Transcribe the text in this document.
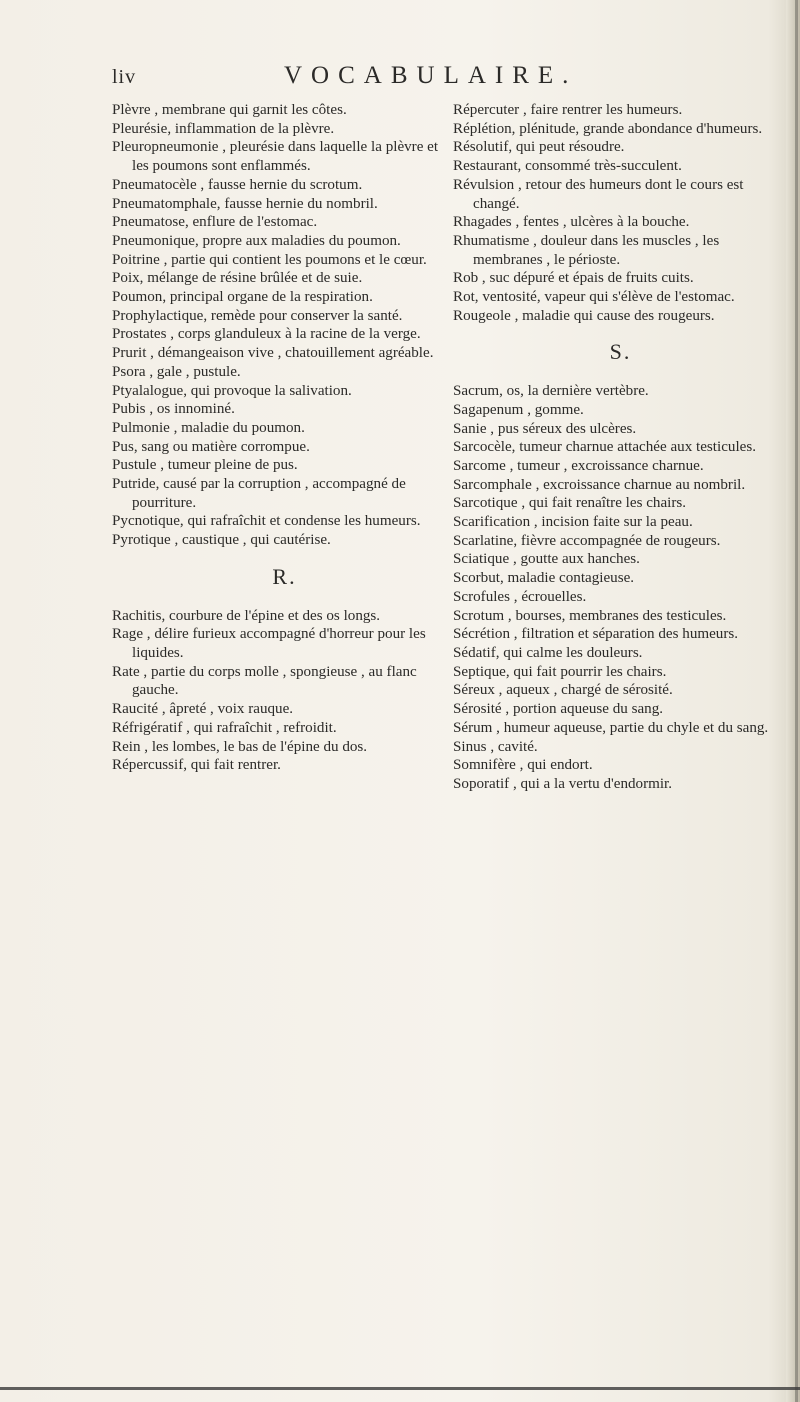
liv	VOCABULAIRE.

Plèvre , membrane qui garnit les côtes.

Pleurésie, inflammation de la plèvre.

Pleuropneumonie , pleurésie dans laquelle la plèvre et les poumons sont enflammés.

Pneumatocèle , fausse hernie du scrotum.

Pneumatomphale, fausse hernie du nombril.

Pneumatose, enflure de l'estomac.

Pneumonique, propre aux maladies du poumon.

Poitrine , partie qui contient les poumons et le cœur.

Poix, mélange de résine brûlée et de suie.

Poumon, principal organe de la respiration.

Prophylactique, remède pour conserver la santé.

Prostates , corps glanduleux à la racine de la verge.

Prurit , démangeaison vive , chatouillement agréable.

Psora , gale , pustule.

Ptyalalogue, qui provoque la salivation.

Pubis , os innominé.

Pulmonie , maladie du poumon.

Pus, sang ou matière corrompue.

Pustule , tumeur pleine de pus.

Putride, causé par la corruption , accompagné de pourriture.

Pycnotique, qui rafraîchit et condense les humeurs.

Pyrotique , caustique , qui cautérise.

R.

Rachitis, courbure de l'épine et des os longs.

Rage , délire furieux accompagné d'horreur pour les liquides.

Rate , partie du corps molle , spongieuse , au flanc gauche.

Raucité , âpreté , voix rauque.

Réfrigératif , qui rafraîchit , refroidit.

Rein , les lombes, le bas de l'épine du dos.

Répercussif, qui fait rentrer.

Répercuter , faire rentrer les humeurs.

Réplétion, plénitude, grande abondance d'humeurs.

Résolutif, qui peut résoudre.

Restaurant, consommé très-succulent.

Révulsion , retour des humeurs dont le cours est changé.

Rhagades , fentes , ulcères à la bouche.

Rhumatisme , douleur dans les muscles , les membranes , le périoste.

Rob , suc dépuré et épais de fruits cuits.

Rot, ventosité, vapeur qui s'élève de l'estomac.

Rougeole , maladie qui cause des rougeurs.

S.

Sacrum, os, la dernière vertèbre.

Sagapenum , gomme.

Sanie , pus séreux des ulcères.

Sarcocèle, tumeur charnue attachée aux testicules.

Sarcome , tumeur , excroissance charnue.

Sarcomphale , excroissance charnue au nombril.

Sarcotique , qui fait renaître les chairs.

Scarification , incision faite sur la peau.

Scarlatine, fièvre accompagnée de rougeurs.

Sciatique , goutte aux hanches.

Scorbut, maladie contagieuse.

Scrofules , écrouelles.

Scrotum , bourses, membranes des testicules.

Sécrétion , filtration et séparation des humeurs.

Sédatif, qui calme les douleurs.

Septique, qui fait pourrir les chairs.

Séreux , aqueux , chargé de sérosité.

Sérosité , portion aqueuse du sang.

Sérum , humeur aqueuse, partie du chyle et du sang.

Sinus , cavité.

Somnifère , qui endort.

Soporatif , qui a la vertu d'endormir.
